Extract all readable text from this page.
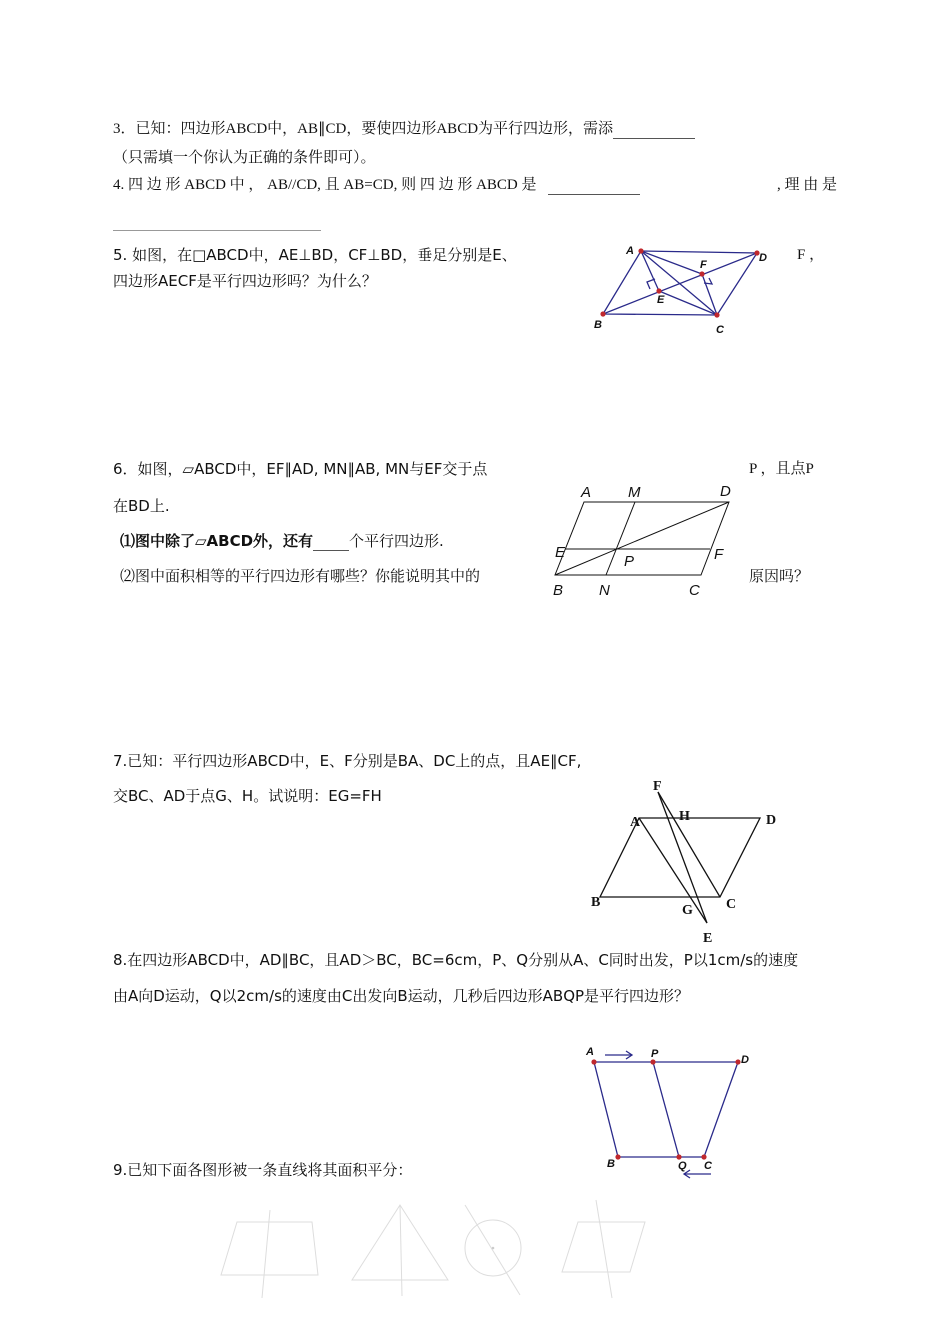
3．已知：四边形ABCD中，AB∥CD，要使四边形ABCD为平行四边形，需添
（只需填一个你认为正确的条件即可）。
4. 四 边 形 ABCD 中 ， AB//CD, 且 AB=CD, 则 四 边 形 ABCD 是	, 理 由 是
5. 如图，在□ABCD中，AE⊥BD，CF⊥BD，垂足分别是E、	F ，
四边形AECF是平行四边形吗？为什么？
A
D
F
E
B	C
6．如图，▱ABCD中，EF∥AD, MN∥AB, MN与EF交于点	P ，且点P
在BD上.
⑴图中除了▱ABCD外，还有 个平行四边形.
⑵图中面积相等的平行四边形有哪些？你能说明其中的	原因吗？
A M	D
E
P	F
B N	C
7.已知：平行四边形ABCD中，E、F分别是BA、DC上的点，且AE∥CF,
交BC、AD于点G、H。试说明：EG=FH
F
A	H	D
B
G C
E
8.在四边形ABCD中，AD∥BC，且AD＞BC，BC=6cm，P、Q分别从A、C同时出发，P以1cm/s的速度
由A向D运动，Q以2cm/s的速度由C出发向B运动，几秒后四边形ABQP是平行四边形？
A	P	D
B	Q C
9.已知下面各图形被一条直线将其面积平分：
